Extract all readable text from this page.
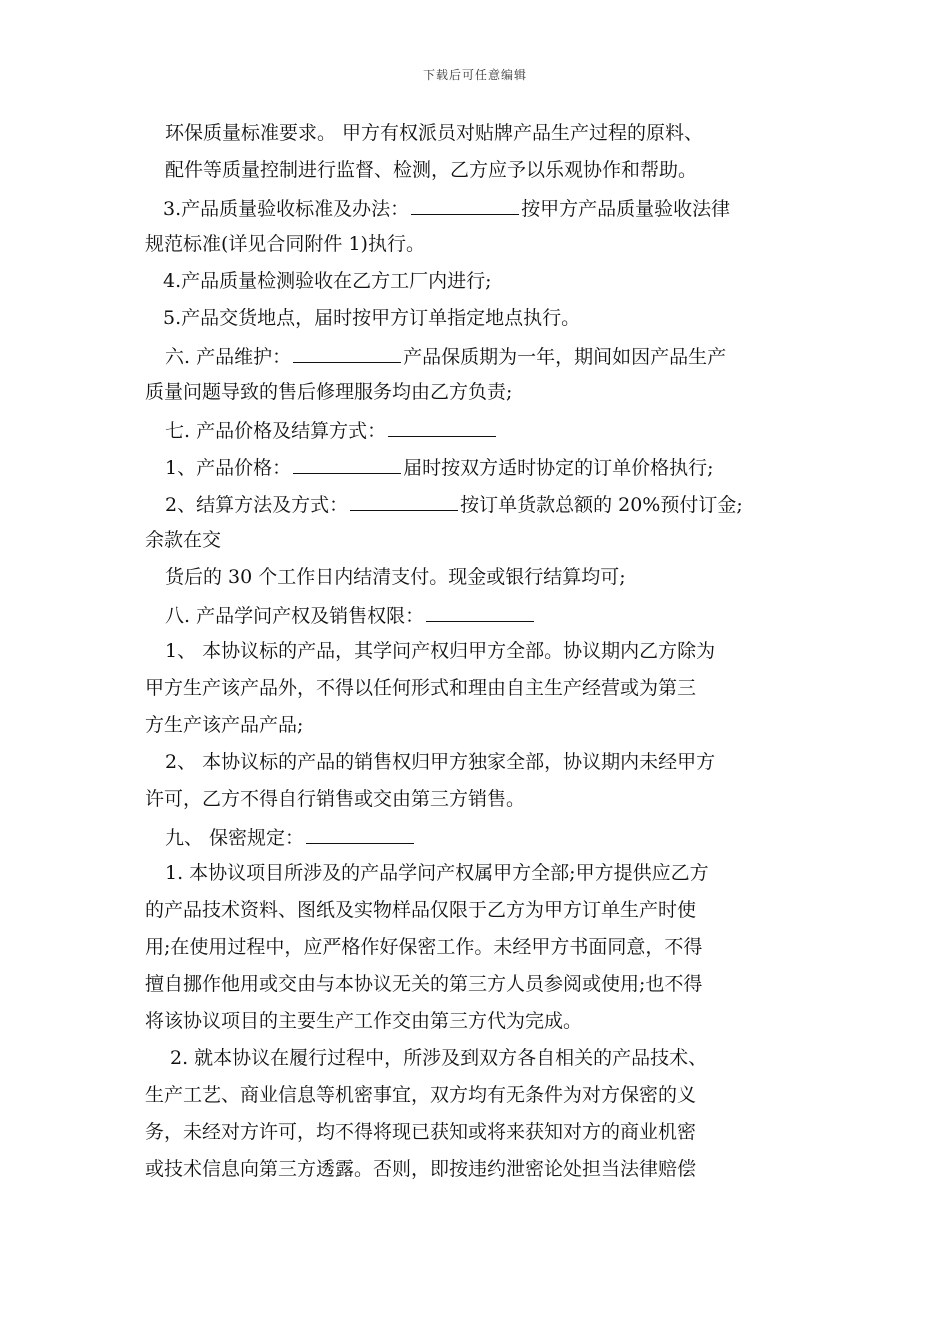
下载后可任意编辑
环保质量标准要求。 甲方有权派员对贴牌产品生产过程的原料、
配件等质量控制进行监督、检测，乙方应予以乐观协作和帮助。
3.产品质量验收标准及办法：	按甲方产品质量验收法律
规范标准(详见合同附件 1)执行。
4.产品质量检测验收在乙方工厂内进行;
5.产品交货地点，届时按甲方订单指定地点执行。
六. 产品维护：	产品保质期为一年，期间如因产品生产
质量问题导致的售后修理服务均由乙方负责;
七. 产品价格及结算方式：
1、产品价格：	届时按双方适时协定的订单价格执行;
2、结算方法及方式：	按订单货款总额的 20%预付订金;
余款在交
货后的 30 个工作日内结清支付。现金或银行结算均可;
八. 产品学问产权及销售权限：
1、 本协议标的产品，其学问产权归甲方全部。协议期内乙方除为
甲方生产该产品外，不得以任何形式和理由自主生产经营或为第三
方生产该产品产品;
2、 本协议标的产品的销售权归甲方独家全部，协议期内未经甲方
许可，乙方不得自行销售或交由第三方销售。
九、 保密规定：
1. 本协议项目所涉及的产品学问产权属甲方全部;甲方提供应乙方
的产品技术资料、图纸及实物样品仅限于乙方为甲方订单生产时使
用;在使用过程中，应严格作好保密工作。未经甲方书面同意，不得
擅自挪作他用或交由与本协议无关的第三方人员参阅或使用;也不得
将该协议项目的主要生产工作交由第三方代为完成。
2. 就本协议在履行过程中，所涉及到双方各自相关的产品技术、
生产工艺、商业信息等机密事宜，双方均有无条件为对方保密的义
务，未经对方许可，均不得将现已获知或将来获知对方的商业机密
或技术信息向第三方透露。否则，即按违约泄密论处担当法律赔偿
